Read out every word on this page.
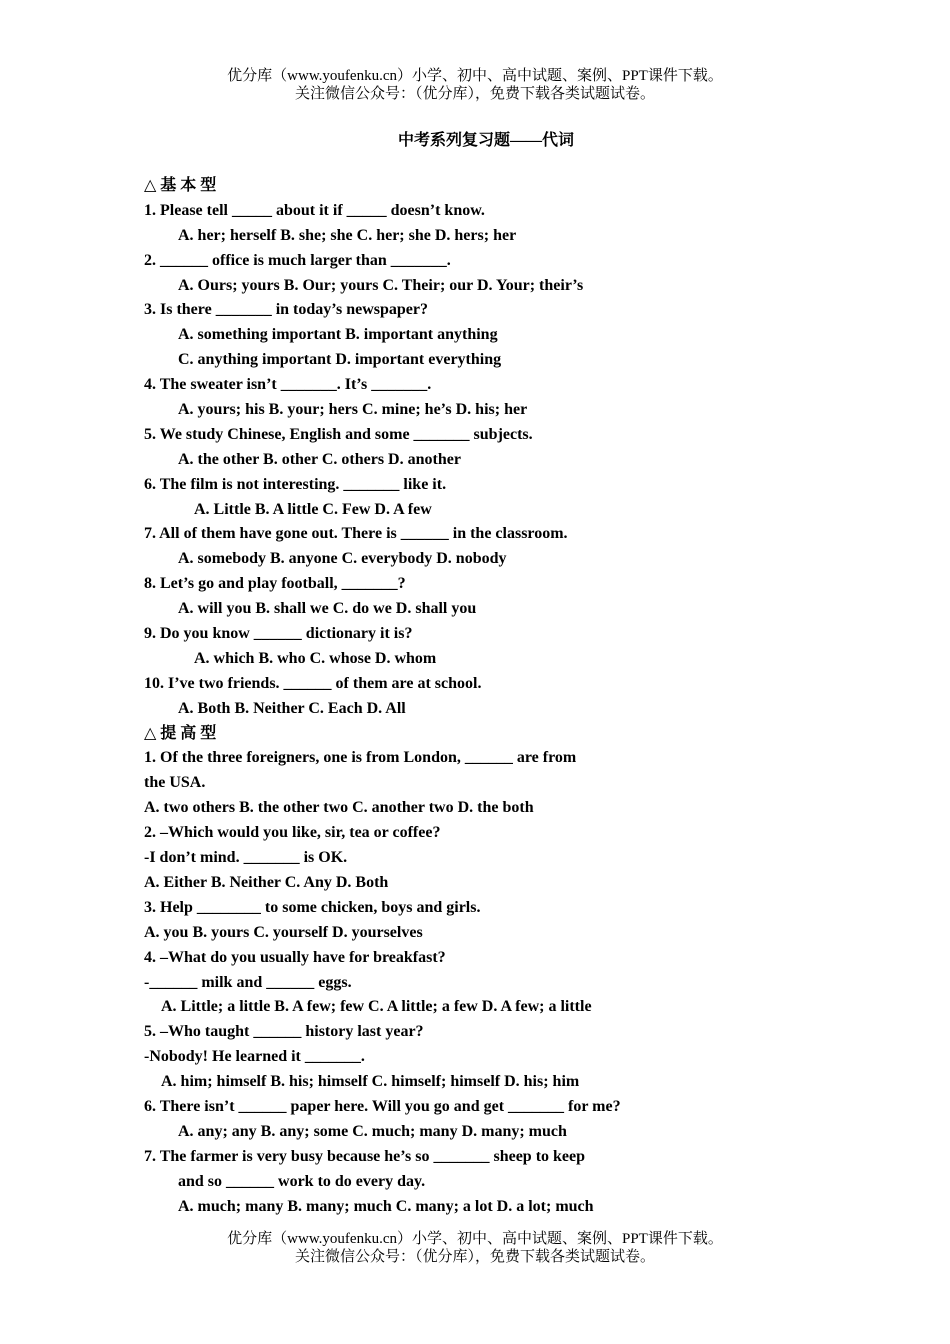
优分库（www.youfenku.cn）小学、初中、高中试题、案例、PPT课件下载。
关注微信公众号：（优分库），免费下载各类试题试卷。
中考系列复习题——代词
△ 基 本 型
1. Please tell _____ about it if _____ doesn’t know.
A. her; herself B. she; she C. her; she D. hers; her
2. ______ office is much larger than _______.
A. Ours; yours B. Our; yours C. Their; our D. Your; their’s
3. Is there _______ in today’s newspaper?
A. something important B. important anything
C. anything important D. important everything
4. The sweater isn’t _______. It’s _______.
A. yours; his B. your; hers C. mine; he’s D. his; her
5. We study Chinese, English and some _______ subjects.
A. the other B. other C. others D. another
6. The film is not interesting. _______ like it.
A. Little B. A little C. Few D. A few
7. All of them have gone out. There is ______ in the classroom.
A. somebody B. anyone C. everybody D. nobody
8. Let’s go and play football, _______?
A. will you B. shall we C. do we D. shall you
9. Do you know ______ dictionary it is?
A. which B. who C. whose D. whom
10. I’ve two friends. ______ of them are at school.
A. Both B. Neither C. Each D. All
△ 提 高 型
1. Of the three foreigners, one is from London, ______ are from
the USA.
A. two others B. the other two C. another two D. the both
2. –Which would you like, sir, tea or coffee?
-I don’t mind. _______ is OK.
A. Either B. Neither C. Any D. Both
3. Help ________ to some chicken, boys and girls.
A. you B. yours C. yourself D. yourselves
4. –What do you usually have for breakfast?
-______ milk and ______ eggs.
A. Little; a little B. A few; few C. A little; a few D. A few; a little
5. –Who taught ______ history last year?
-Nobody! He learned it _______.
A. him; himself B. his; himself C. himself; himself D. his; him
6. There isn’t ______ paper here. Will you go and get _______ for me?
A. any; any B. any; some C. much; many D. many; much
7. The farmer is very busy because he’s so _______ sheep to keep
and so ______ work to do every day.
A. much; many B. many; much C. many; a lot D. a lot; much
优分库（www.youfenku.cn）小学、初中、高中试题、案例、PPT课件下载。
关注微信公众号：（优分库），免费下载各类试题试卷。
